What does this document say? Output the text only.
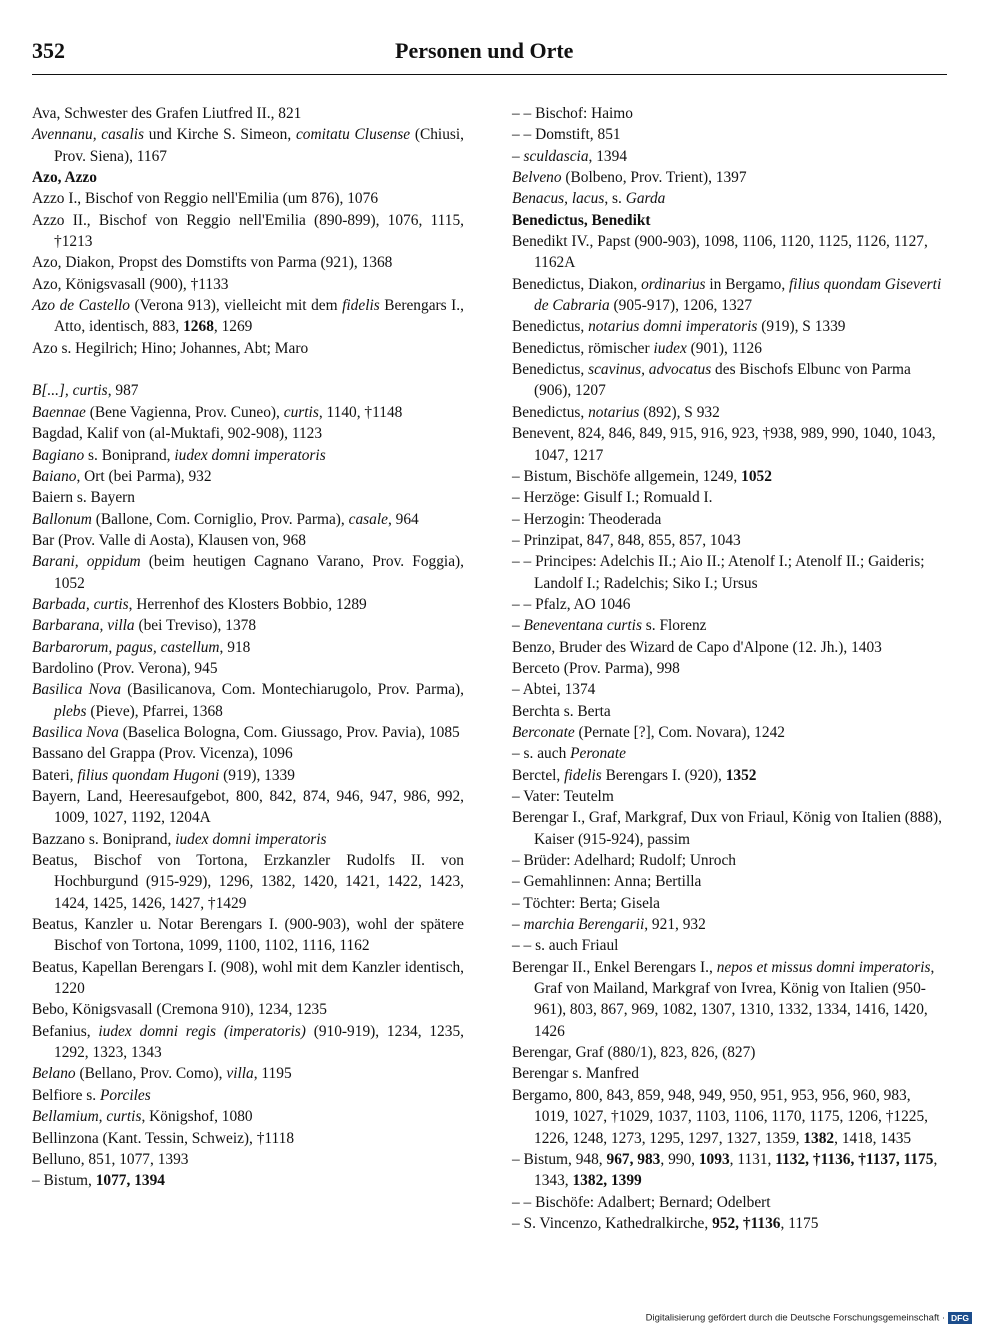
352	Personen und Orte

Ava, Schwester des Grafen Liutfred II., 821

Avennanu, casalis und Kirche S. Simeon, comitatu Clusense (Chiusi, Prov. Siena), 1167

Azo, Azzo

Azzo I., Bischof von Reggio nell'Emilia (um 876), 1076

Azzo II., Bischof von Reggio nell'Emilia (890-899), 1076, 1115, †1213

Azo, Diakon, Propst des Domstifts von Parma (921), 1368

Azo, Königsvasall (900), †1133

Azo de Castello (Verona 913), vielleicht mit dem fidelis Berengars I., Atto, identisch, 883, 1268, 1269

Azo s. Hegilrich; Hino; Johannes, Abt; Maro

B[...], curtis, 987

Baennae (Bene Vagienna, Prov. Cuneo), curtis, 1140, †1148

Bagdad, Kalif von (al-Muktafi, 902-908), 1123

Bagiano s. Boniprand, iudex domni imperatoris

Baiano, Ort (bei Parma), 932

Baiern s. Bayern

Ballonum (Ballone, Com. Corniglio, Prov. Parma), casale, 964

Bar (Prov. Valle di Aosta), Klausen von, 968

Barani, oppidum (beim heutigen Cagnano Varano, Prov. Foggia), 1052

Barbada, curtis, Herrenhof des Klosters Bobbio, 1289

Barbarana, villa (bei Treviso), 1378

Barbarorum, pagus, castellum, 918

Bardolino (Prov. Verona), 945

Basilica Nova (Basilicanova, Com. Montechiarugolo, Prov. Parma), plebs (Pieve), Pfarrei, 1368

Basilica Nova (Baselica Bologna, Com. Giussago, Prov. Pavia), 1085

Bassano del Grappa (Prov. Vicenza), 1096

Bateri, filius quondam Hugoni (919), 1339

Bayern, Land, Heeresaufgebot, 800, 842, 874, 946, 947, 986, 992, 1009, 1027, 1192, 1204A

Bazzano s. Boniprand, iudex domni imperatoris

Beatus, Bischof von Tortona, Erzkanzler Rudolfs II. von Hochburgund (915-929), 1296, 1382, 1420, 1421, 1422, 1423, 1424, 1425, 1426, 1427, †1429

Beatus, Kanzler u. Notar Berengars I. (900-903), wohl der spätere Bischof von Tortona, 1099, 1100, 1102, 1116, 1162

Beatus, Kapellan Berengars I. (908), wohl mit dem Kanzler identisch, 1220

Bebo, Königsvasall (Cremona 910), 1234, 1235

Befanius, iudex domni regis (imperatoris) (910-919), 1234, 1235, 1292, 1323, 1343

Belano (Bellano, Prov. Como), villa, 1195

Belfiore s. Porciles

Bellamium, curtis, Königshof, 1080

Bellinzona (Kant. Tessin, Schweiz), †1118

Belluno, 851, 1077, 1393

– Bistum, 1077, 1394

– – Bischof: Haimo

– – Domstift, 851

– sculdascia, 1394

Belveno (Bolbeno, Prov. Trient), 1397

Benacus, lacus, s. Garda

Benedictus, Benedikt

Benedikt IV., Papst (900-903), 1098, 1106, 1120, 1125, 1126, 1127, 1162A

Benedictus, Diakon, ordinarius in Bergamo, filius quondam Giseverti de Cabraria (905-917), 1206, 1327

Benedictus, notarius domni imperatoris (919), S 1339

Benedictus, römischer iudex (901), 1126

Benedictus, scavinus, advocatus des Bischofs Elbunc von Parma (906), 1207

Benedictus, notarius (892), S 932

Benevent, 824, 846, 849, 915, 916, 923, †938, 989, 990, 1040, 1043, 1047, 1217

– Bistum, Bischöfe allgemein, 1249, 1052

– Herzöge: Gisulf I.; Romuald I.

– Herzogin: Theoderada

– Prinzipat, 847, 848, 855, 857, 1043

– – Principes: Adelchis II.; Aio II.; Atenolf I.; Atenolf II.; Gaideris; Landolf I.; Radelchis; Siko I.; Ursus

– – Pfalz, AO 1046

– Beneventana curtis s. Florenz

Benzo, Bruder des Wizard de Capo d'Alpone (12. Jh.), 1403

Berceto (Prov. Parma), 998

– Abtei, 1374

Berchta s. Berta

Berconate (Pernate [?], Com. Novara), 1242

– s. auch Peronate

Berctel, fidelis Berengars I. (920), 1352

– Vater: Teutelm

Berengar I., Graf, Markgraf, Dux von Friaul, König von Italien (888), Kaiser (915-924), passim

– Brüder: Adelhard; Rudolf; Unroch

– Gemahlinnen: Anna; Bertilla

– Töchter: Berta; Gisela

– marchia Berengarii, 921, 932

– – s. auch Friaul

Berengar II., Enkel Berengars I., nepos et missus domni imperatoris, Graf von Mailand, Markgraf von Ivrea, König von Italien (950-961), 803, 867, 969, 1082, 1307, 1310, 1332, 1334, 1416, 1420, 1426

Berengar, Graf (880/1), 823, 826, (827)

Berengar s. Manfred

Bergamo, 800, 843, 859, 948, 949, 950, 951, 953, 956, 960, 983, 1019, 1027, †1029, 1037, 1103, 1106, 1170, 1175, 1206, †1225, 1226, 1248, 1273, 1295, 1297, 1327, 1359, 1382, 1418, 1435

– Bistum, 948, 967, 983, 990, 1093, 1131, 1132, †1136, †1137, 1175, 1343, 1382, 1399

– – Bischöfe: Adalbert; Bernard; Odelbert

– S. Vincenzo, Kathedralkirche, 952, †1136, 1175

Digitalisierung gefördert durch die Deutsche Forschungsgemeinschaft · DFG
